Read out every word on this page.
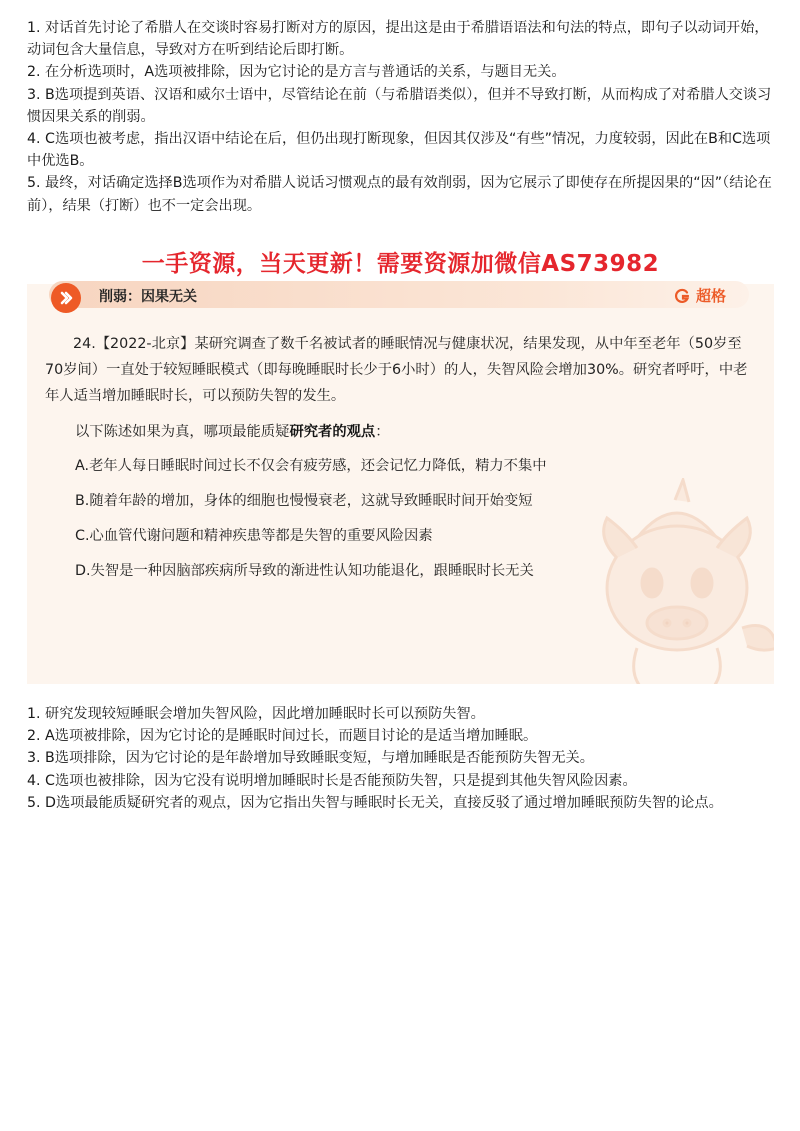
1. 对话首先讨论了希腊人在交谈时容易打断对方的原因，提出这是由于希腊语语法和句法的特点，即句子以动词开始，动词包含大量信息，导致对方在听到结论后即打断。

2. 在分析选项时，A选项被排除，因为它讨论的是方言与普通话的关系，与题目无关。

3. B选项提到英语、汉语和威尔士语中，尽管结论在前（与希腊语类似），但并不导致打断，从而构成了对希腊人交谈习惯因果关系的削弱。

4. C选项也被考虑，指出汉语中结论在后，但仍出现打断现象，但因其仅涉及“有些”情况，力度较弱，因此在B和C选项中优选B。

5. 最终，对话确定选择B选项作为对希腊人说话习惯观点的最有效削弱，因为它展示了即使存在所提因果的“因”（结论在前），结果（打断）也不一定会出现。

一手资源，当天更新！需要资源加微信AS73982
削弱：因果无关	超格
24.【2022-北京】某研究调查了数千名被试者的睡眠情况与健康状况，结果发现，从中年至老年（50岁至70岁间）一直处于较短睡眠模式（即每晚睡眠时长少于6小时）的人，失智风险会增加30%。研究者呼吁，中老年人适当增加睡眠时长，可以预防失智的发生。
以下陈述如果为真，哪项最能质疑研究者的观点：
A.老年人每日睡眠时间过长不仅会有疲劳感，还会记忆力降低，精力不集中
B.随着年龄的增加，身体的细胞也慢慢衰老，这就导致睡眠时间开始变短
C.心血管代谢问题和精神疾患等都是失智的重要风险因素
D.失智是一种因脑部疾病所导致的渐进性认知功能退化，跟睡眠时长无关

1. 研究发现较短睡眠会增加失智风险，因此增加睡眠时长可以预防失智。

2. A选项被排除，因为它讨论的是睡眠时间过长，而题目讨论的是适当增加睡眠。

3. B选项排除，因为它讨论的是年龄增加导致睡眠变短，与增加睡眠是否能预防失智无关。

4. C选项也被排除，因为它没有说明增加睡眠时长是否能预防失智，只是提到其他失智风险因素。

5. D选项最能质疑研究者的观点，因为它指出失智与睡眠时长无关，直接反驳了通过增加睡眠预防失智的论点。
